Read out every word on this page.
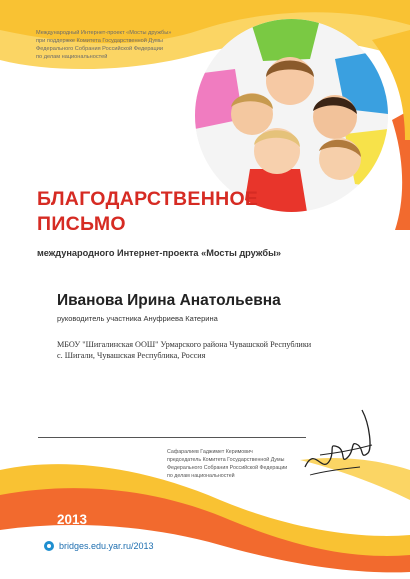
Международный Интернет-проект «Мосты дружбы»
при поддержке Комитета Государственной Думы
Федерального Собрания Российской Федерации
по делам национальностей
БЛАГОДАРСТВЕННОЕ
ПИСЬМО
международного Интернет-проекта «Мосты дружбы»
Иванова Ирина Анатольевна
руководитель участника Ануфриева Катерина
МБОУ "Шигалинская ООШ" Урмарского района Чувашской Республики
с. Шигали, Чувашская Республика, Россия
Сафаралиев Гаджимет Керимович
председатель Комитета Государственной Думы
Федерального Собрания Российской Федерации
по делам национальностей
2013
bridges.edu.yar.ru/2013
